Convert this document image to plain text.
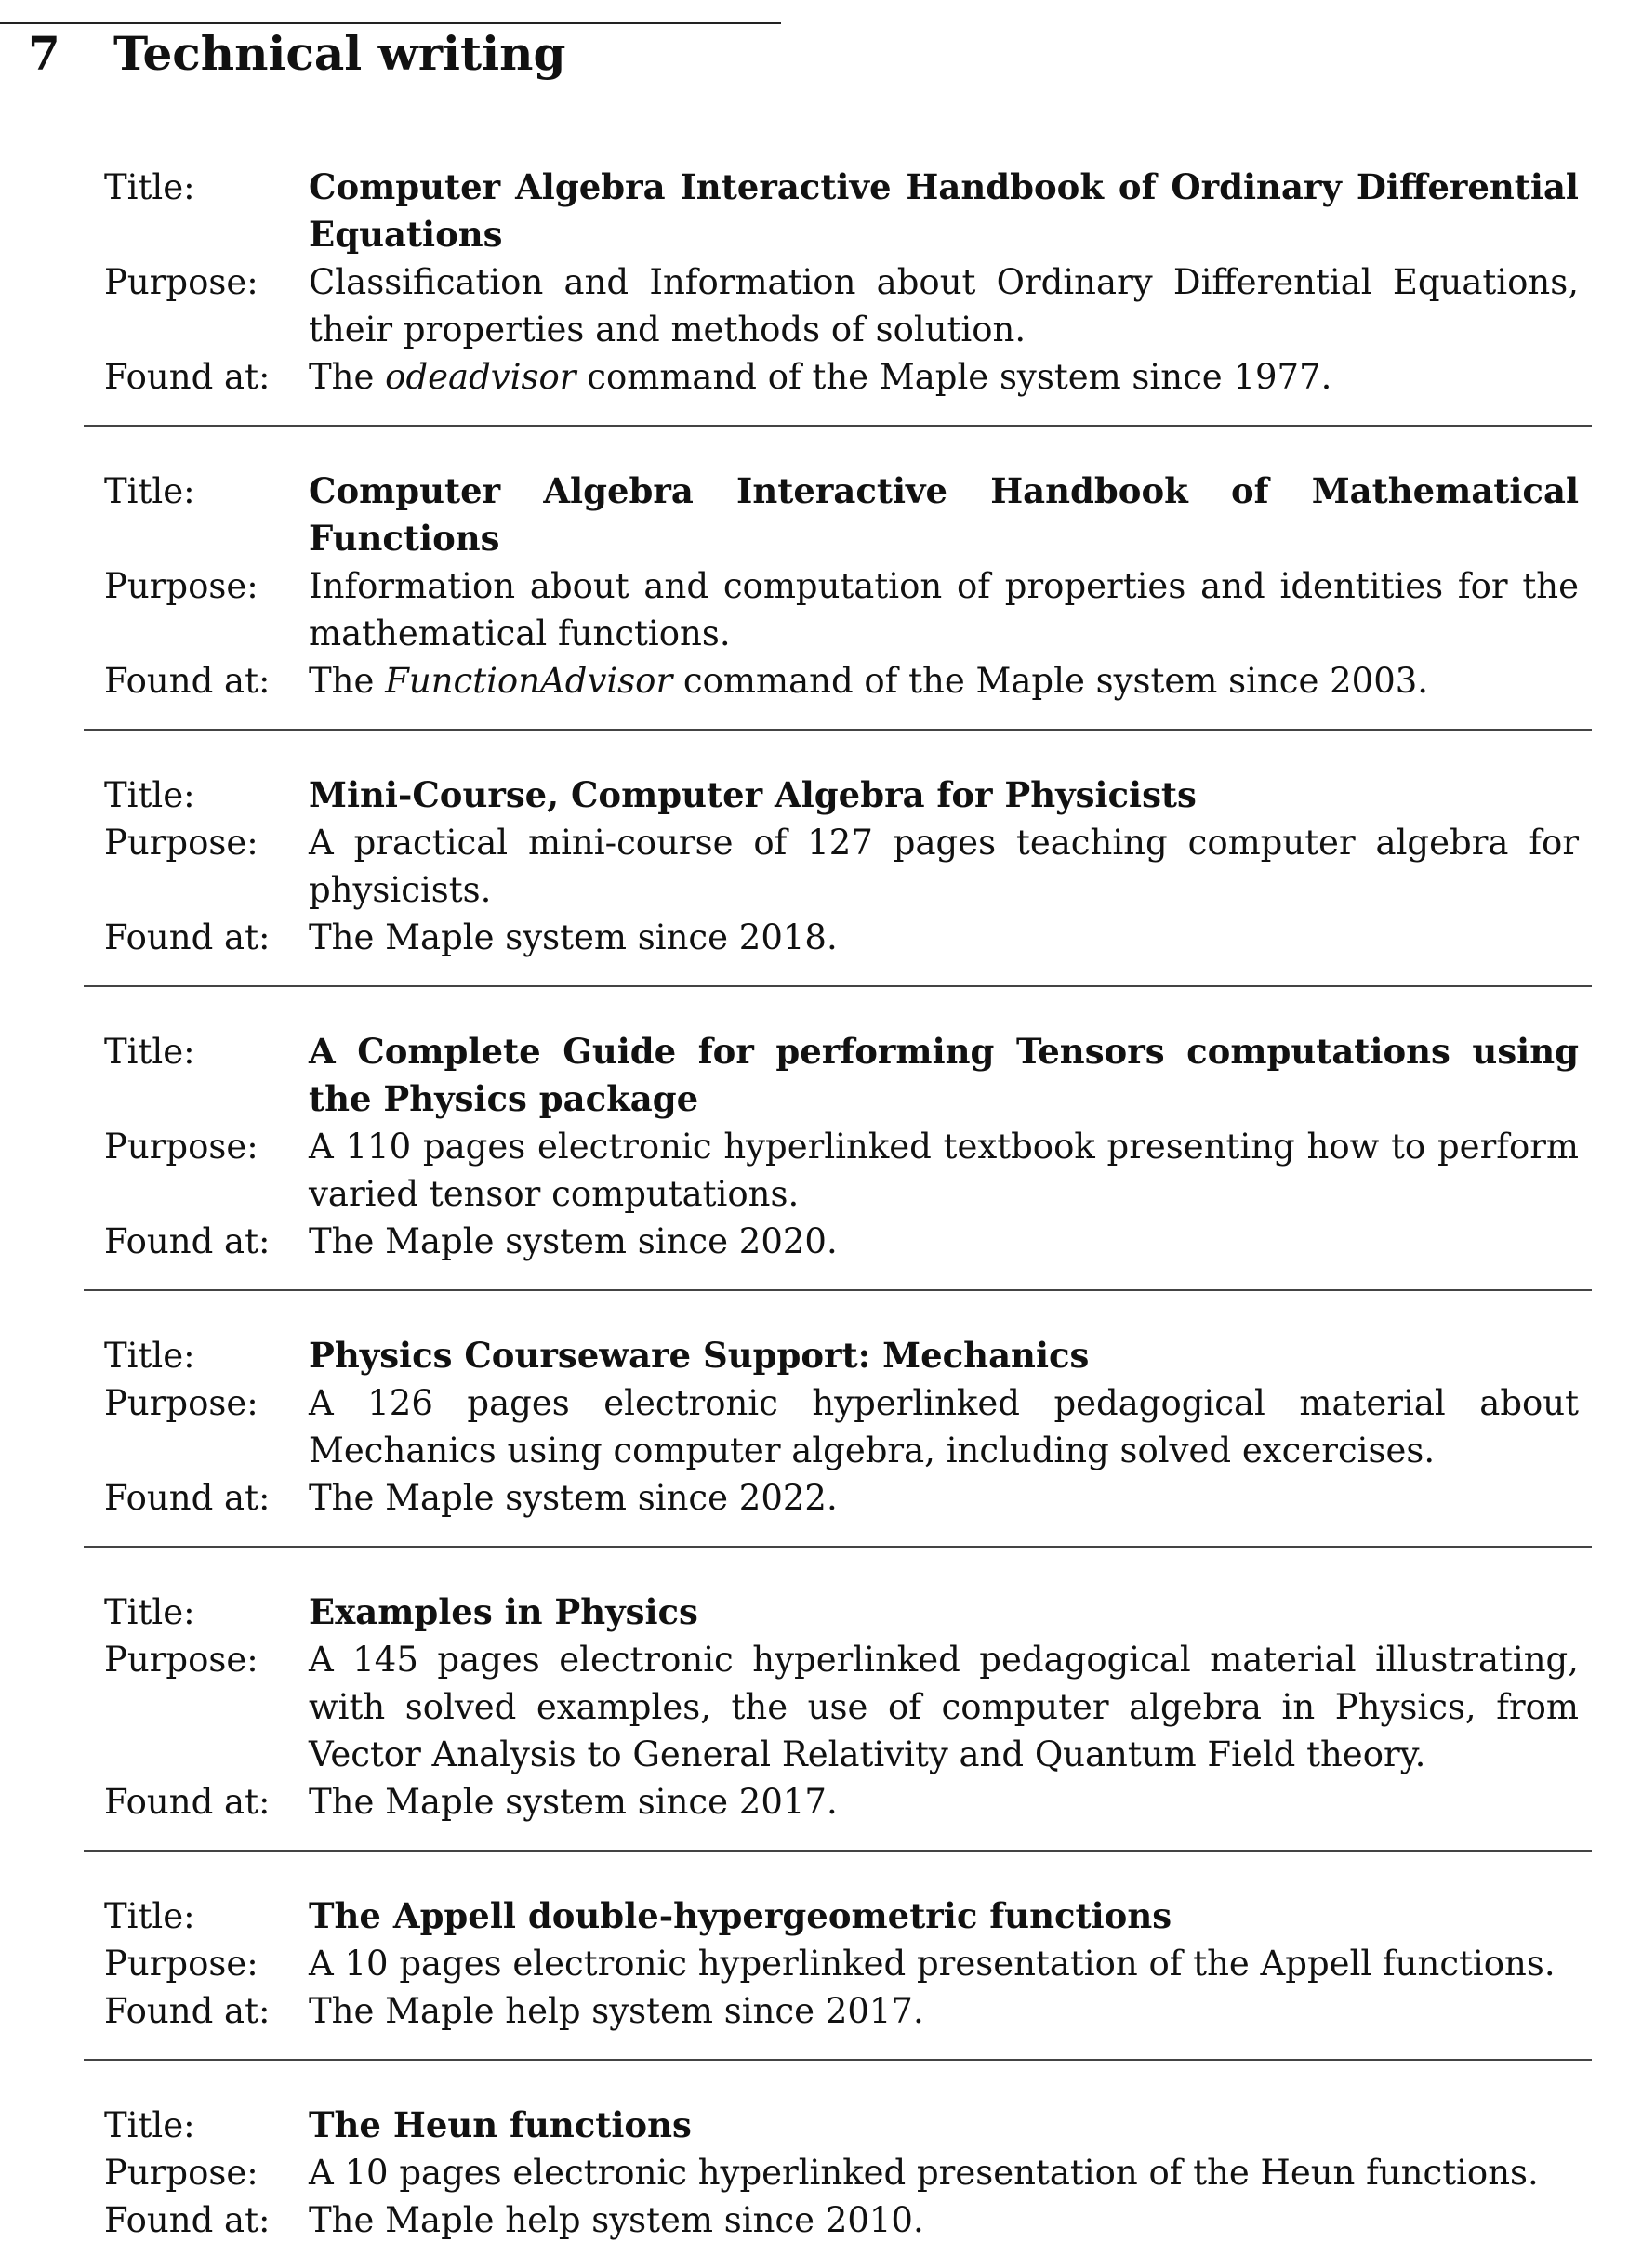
7 Technical writing
Title:	Computer Algebra Interactive Handbook of Ordinary Differential Equations
Purpose:	Classification and Information about Ordinary Differential Equations, their properties and methods of solution.
Found at:	The odeadvisor command of the Maple system since 1977.
Title:	Computer Algebra Interactive Handbook of Mathematical Functions
Purpose:	Information about and computation of properties and identities for the mathematical functions.
Found at:	The FunctionAdvisor command of the Maple system since 2003.
Title:	Mini-Course, Computer Algebra for Physicists
Purpose:	A practical mini-course of 127 pages teaching computer algebra for physicists.
Found at:	The Maple system since 2018.
Title:	A Complete Guide for performing Tensors computations using the Physics package
Purpose:	A 110 pages electronic hyperlinked textbook presenting how to perform varied tensor computations.
Found at:	The Maple system since 2020.
Title:	Physics Courseware Support: Mechanics
Purpose:	A 126 pages electronic hyperlinked pedagogical material about Mechanics using computer algebra, including solved excercises.
Found at:	The Maple system since 2022.
Title:	Examples in Physics
Purpose:	A 145 pages electronic hyperlinked pedagogical material illustrating, with solved examples, the use of computer algebra in Physics, from Vector Analysis to General Relativity and Quantum Field theory.
Found at:	The Maple system since 2017.
Title:	The Appell double-hypergeometric functions
Purpose:	A 10 pages electronic hyperlinked presentation of the Appell functions.
Found at:	The Maple help system since 2017.
Title:	The Heun functions
Purpose:	A 10 pages electronic hyperlinked presentation of the Heun functions.
Found at:	The Maple help system since 2010.
